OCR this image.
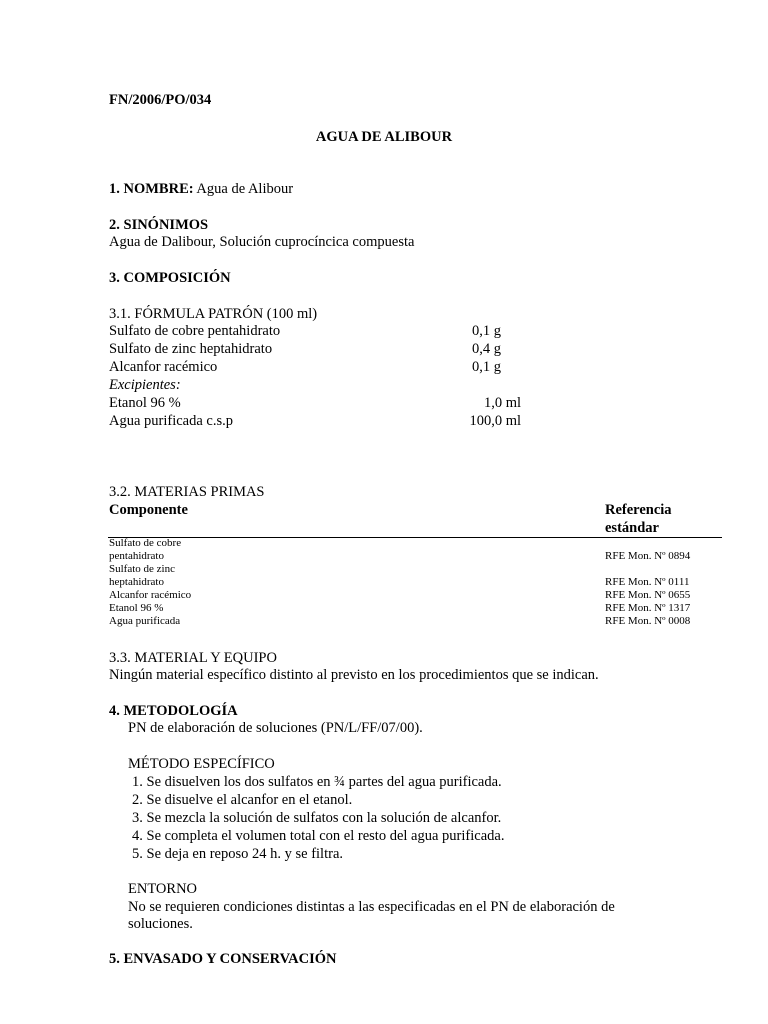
FN/2006/PO/034
AGUA DE ALIBOUR
1. NOMBRE: Agua de Alibour
2. SINÓNIMOS
Agua de Dalibour, Solución cuprocíncica compuesta
3. COMPOSICIÓN
3.1. FÓRMULA PATRÓN (100 ml)
Sulfato de cobre pentahidrato	0,1 g
Sulfato de zinc heptahidrato	0,4 g
Alcanfor racémico	0,1 g
Excipientes:
Etanol 96 %	1,0 ml
Agua purificada c.s.p	100,0 ml
3.2. MATERIAS PRIMAS
Componente	Referencia
estándar
Sulfato de cobre
pentahidrato	RFE Mon. Nº 0894
Sulfato de zinc
heptahidrato	RFE Mon. Nº 0111
Alcanfor racémico	RFE Mon. Nº 0655
Etanol 96 %	RFE Mon. Nº 1317
Agua purificada	RFE Mon. Nº 0008
3.3. MATERIAL Y EQUIPO
Ningún material específico distinto al previsto en los procedimientos que se indican.
4. METODOLOGÍA
PN de elaboración de soluciones (PN/L/FF/07/00).
MÉTODO ESPECÍFICO
1. Se disuelven los dos sulfatos en ¾ partes del agua purificada.
2. Se disuelve el alcanfor en el etanol.
3. Se mezcla la solución de sulfatos con la solución de alcanfor.
4. Se completa el volumen total con el resto del agua purificada.
5. Se deja en reposo 24 h. y se filtra.
ENTORNO
No se requieren condiciones distintas a las especificadas en el PN de elaboración de
soluciones.
5. ENVASADO Y CONSERVACIÓN
